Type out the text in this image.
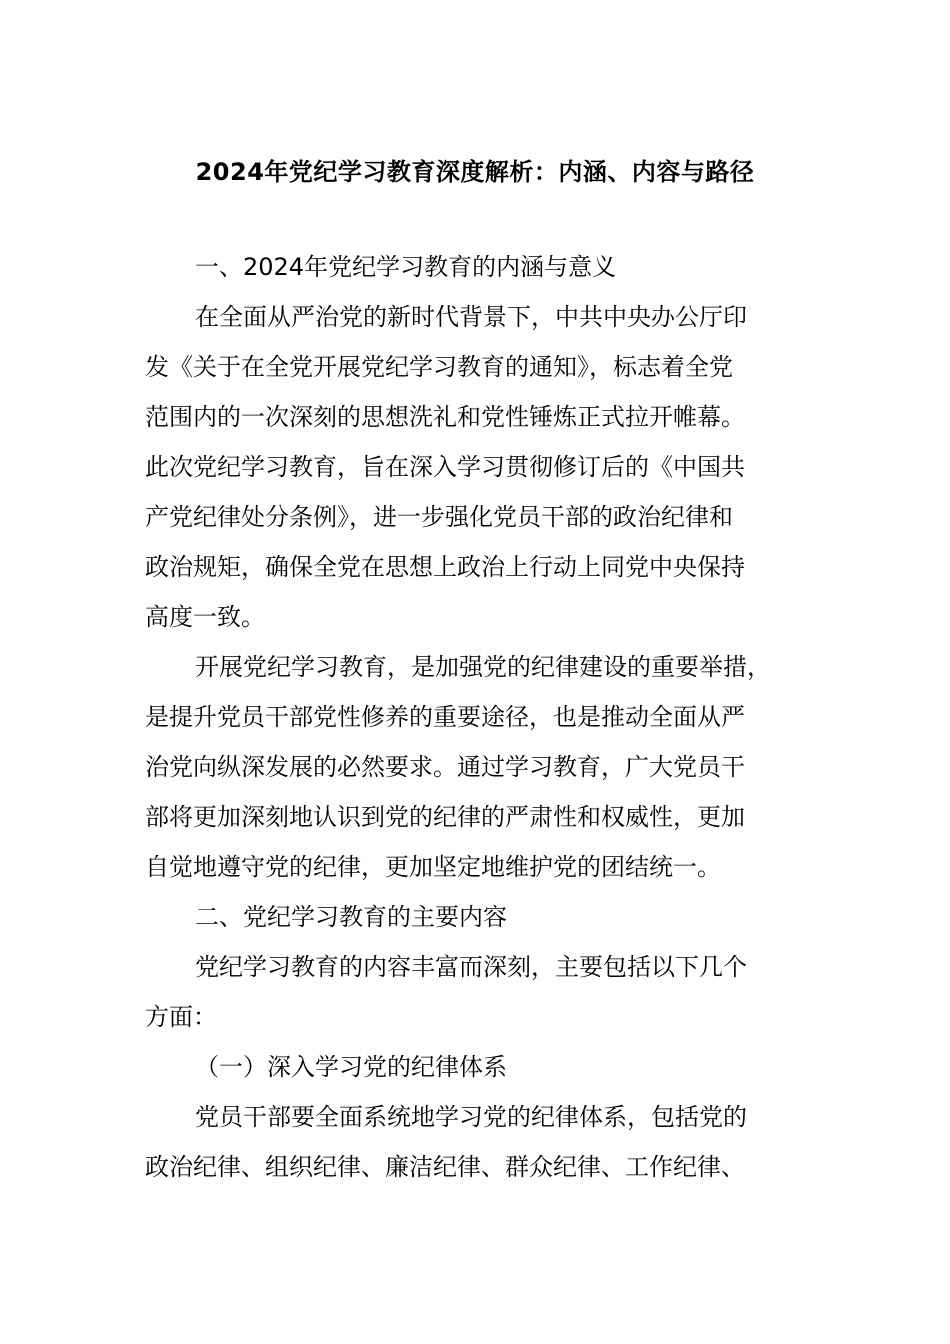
2024年党纪学习教育深度解析：内涵、内容与路径
一、2024年党纪学习教育的内涵与意义
在全面从严治党的新时代背景下，中共中央办公厅印
发《关于在全党开展党纪学习教育的通知》，标志着全党
范围内的一次深刻的思想洗礼和党性锤炼正式拉开帷幕。
此次党纪学习教育，旨在深入学习贯彻修订后的《中国共
产党纪律处分条例》，进一步强化党员干部的政治纪律和
政治规矩，确保全党在思想上政治上行动上同党中央保持
高度一致。
开展党纪学习教育，是加强党的纪律建设的重要举措，
是提升党员干部党性修养的重要途径，也是推动全面从严
治党向纵深发展的必然要求。通过学习教育，广大党员干
部将更加深刻地认识到党的纪律的严肃性和权威性，更加
自觉地遵守党的纪律，更加坚定地维护党的团结统一。
二、党纪学习教育的主要内容
党纪学习教育的内容丰富而深刻，主要包括以下几个
方面：
（一）深入学习党的纪律体系
党员干部要全面系统地学习党的纪律体系，包括党的
政治纪律、组织纪律、廉洁纪律、群众纪律、工作纪律、
